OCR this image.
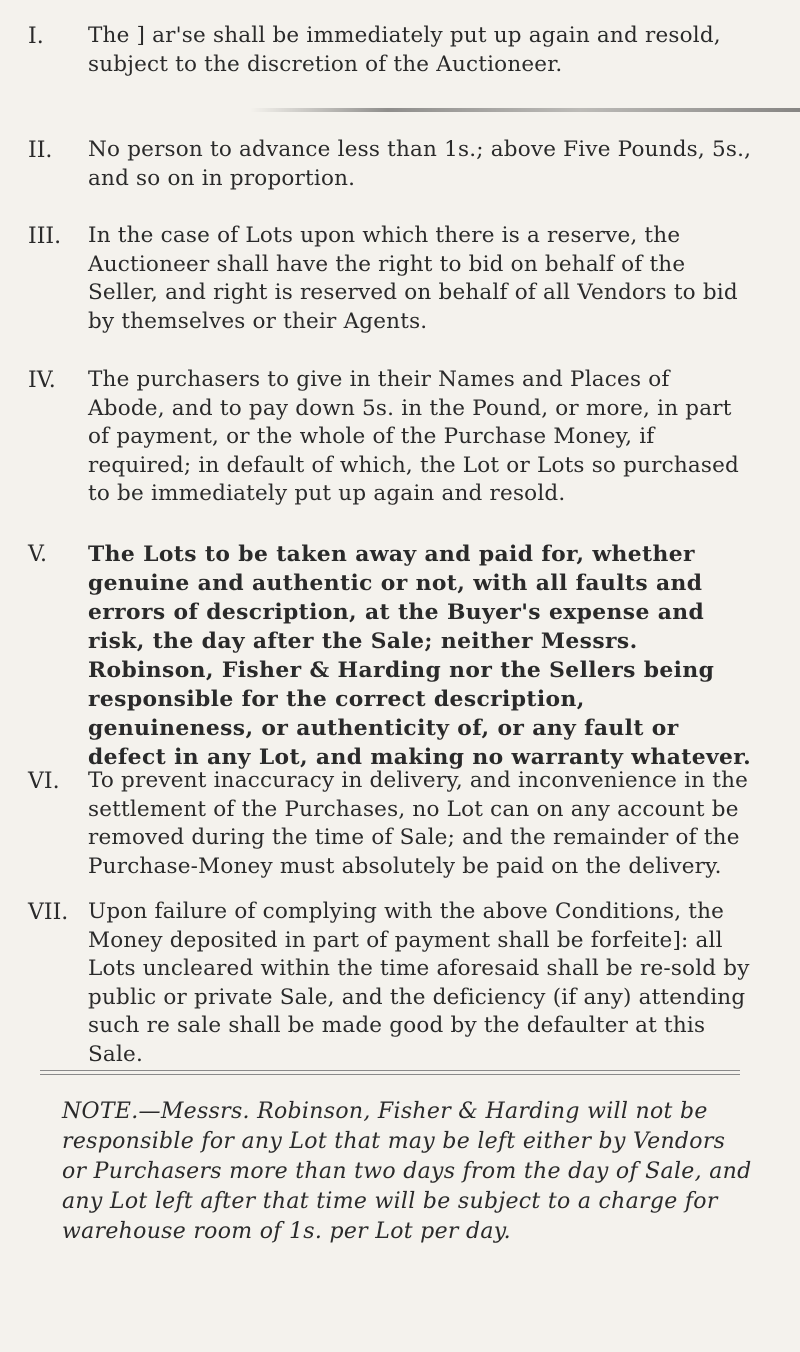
I.	The ] ar'se shall be immediately put up again and resold, subject to the discretion of the Auctioneer.
II.	No person to advance less than 1s.; above Five Pounds, 5s., and so on in proportion.
III.	In the case of Lots upon which there is a reserve, the Auctioneer shall have the right to bid on behalf of the Seller, and right is reserved on behalf of all Vendors to bid by themselves or their Agents.
IV.	The purchasers to give in their Names and Places of Abode, and to pay down 5s. in the Pound, or more, in part of payment, or the whole of the Purchase Money, if required; in default of which, the Lot or Lots so purchased to be immediately put up again and resold.
V.	The Lots to be taken away and paid for, whether genuine and authentic or not, with all faults and errors of description, at the Buyer's expense and risk, the day after the Sale; neither Messrs. Robinson, Fisher & Harding nor the Sellers being responsible for the correct description, genuineness, or authenticity of, or any fault or defect in any Lot, and making no warranty whatever.
VI.	To prevent inaccuracy in delivery, and inconvenience in the settlement of the Purchases, no Lot can on any account be removed during the time of Sale; and the remainder of the Purchase-Money must absolutely be paid on the delivery.
VII. Upon failure of complying with the above Conditions, the Money deposited in part of payment shall be forfeite]: all Lots uncleared within the time aforesaid shall be re-sold by public or private Sale, and the deficiency (if any) attending such re sale shall be made good by the defaulter at this Sale.
NOTE.—Messrs. Robinson, Fisher & Harding will not be responsible for any Lot that may be left either by Vendors or Purchasers more than two days from the day of Sale, and any Lot left after that time will be subject to a charge for warehouse room of 1s. per Lot per day.
